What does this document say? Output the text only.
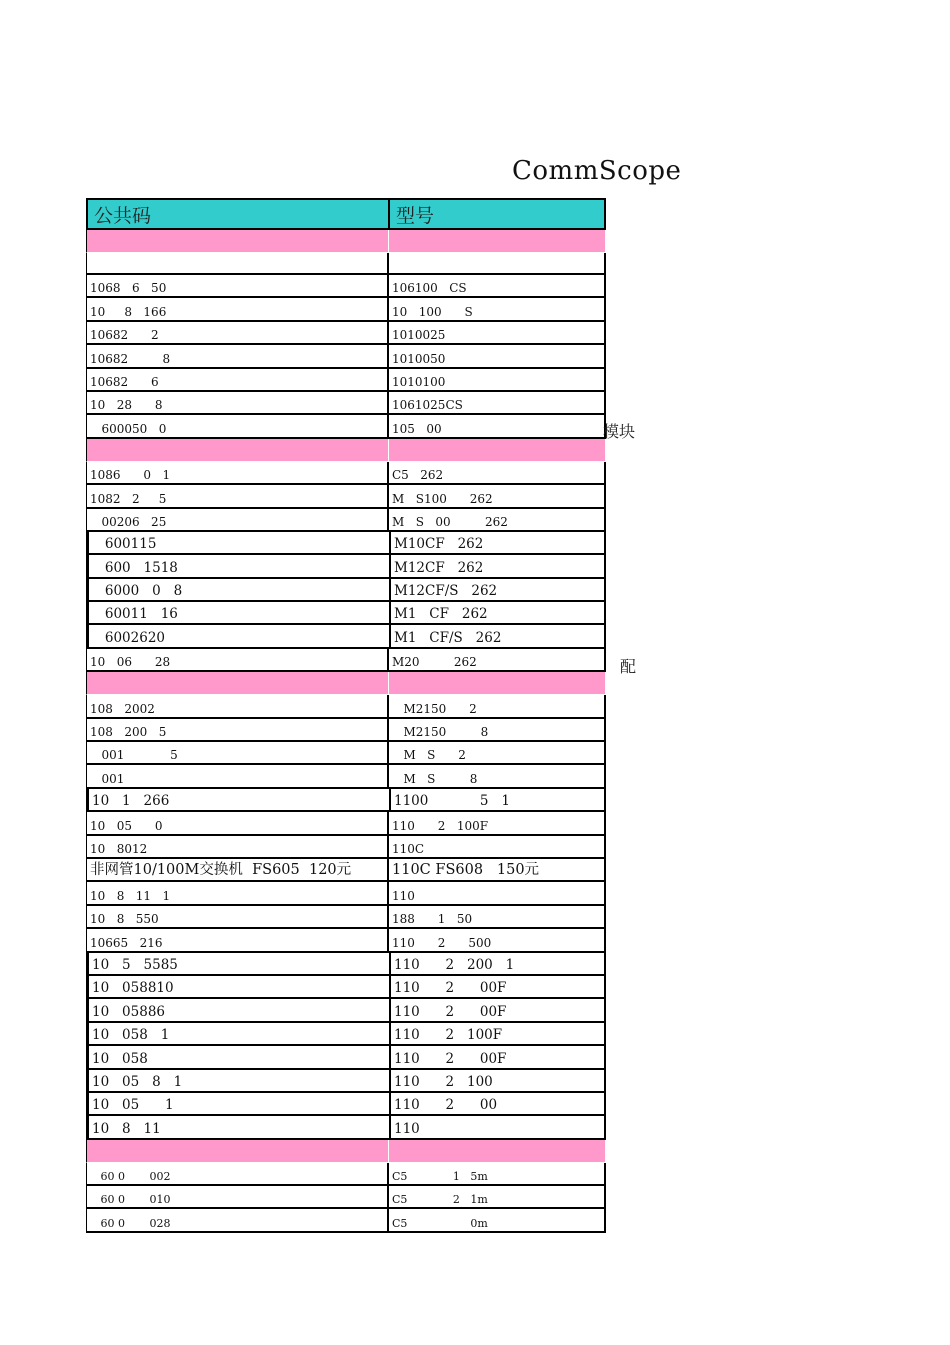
CommScope
公共码	型号
1068   6   50	106100   CS
10     8   166	10   100      S
10682      2	1010025
10682         8	1010050
10682      6	1010100
10   28      8	1061025CS
600050   0	105   00
1086      0   1	C5   262
1082   2     5	M   S100      262
00206   25	M   S   00         262
600115	M10CF   262
600   1518	M12CF   262
6000   0   8	M12CF/S   262
60011   16	M1   CF   262
6002620	M1   CF/S   262
10   06      28	M20         262
108   2002	M2150      2
108   200   5	M2150         8
001            5	M   S      2
001	M   S         8
10   1   266	1100            5   1
10   05      0	110      2   100F
10   8012	110C
非网管10/100M交换机  FS605  120元	110C FS608   150元
10   8   11   1	110
10   8   550	188      1   50
10665   216	110      2      500
10   5   5585	110      2   200   1
10   058810	110      2      00F
10   05886	110      2      00F
10   058   1	110      2   100F
10   058	110      2      00F
10   05   8   1	110      2   100
10   05      1	110      2      00
10   8   11	110
60 0       002	C5             1   5m
60 0       010	C5             2   1m
60 0       028	C5                  0m
模块
配
